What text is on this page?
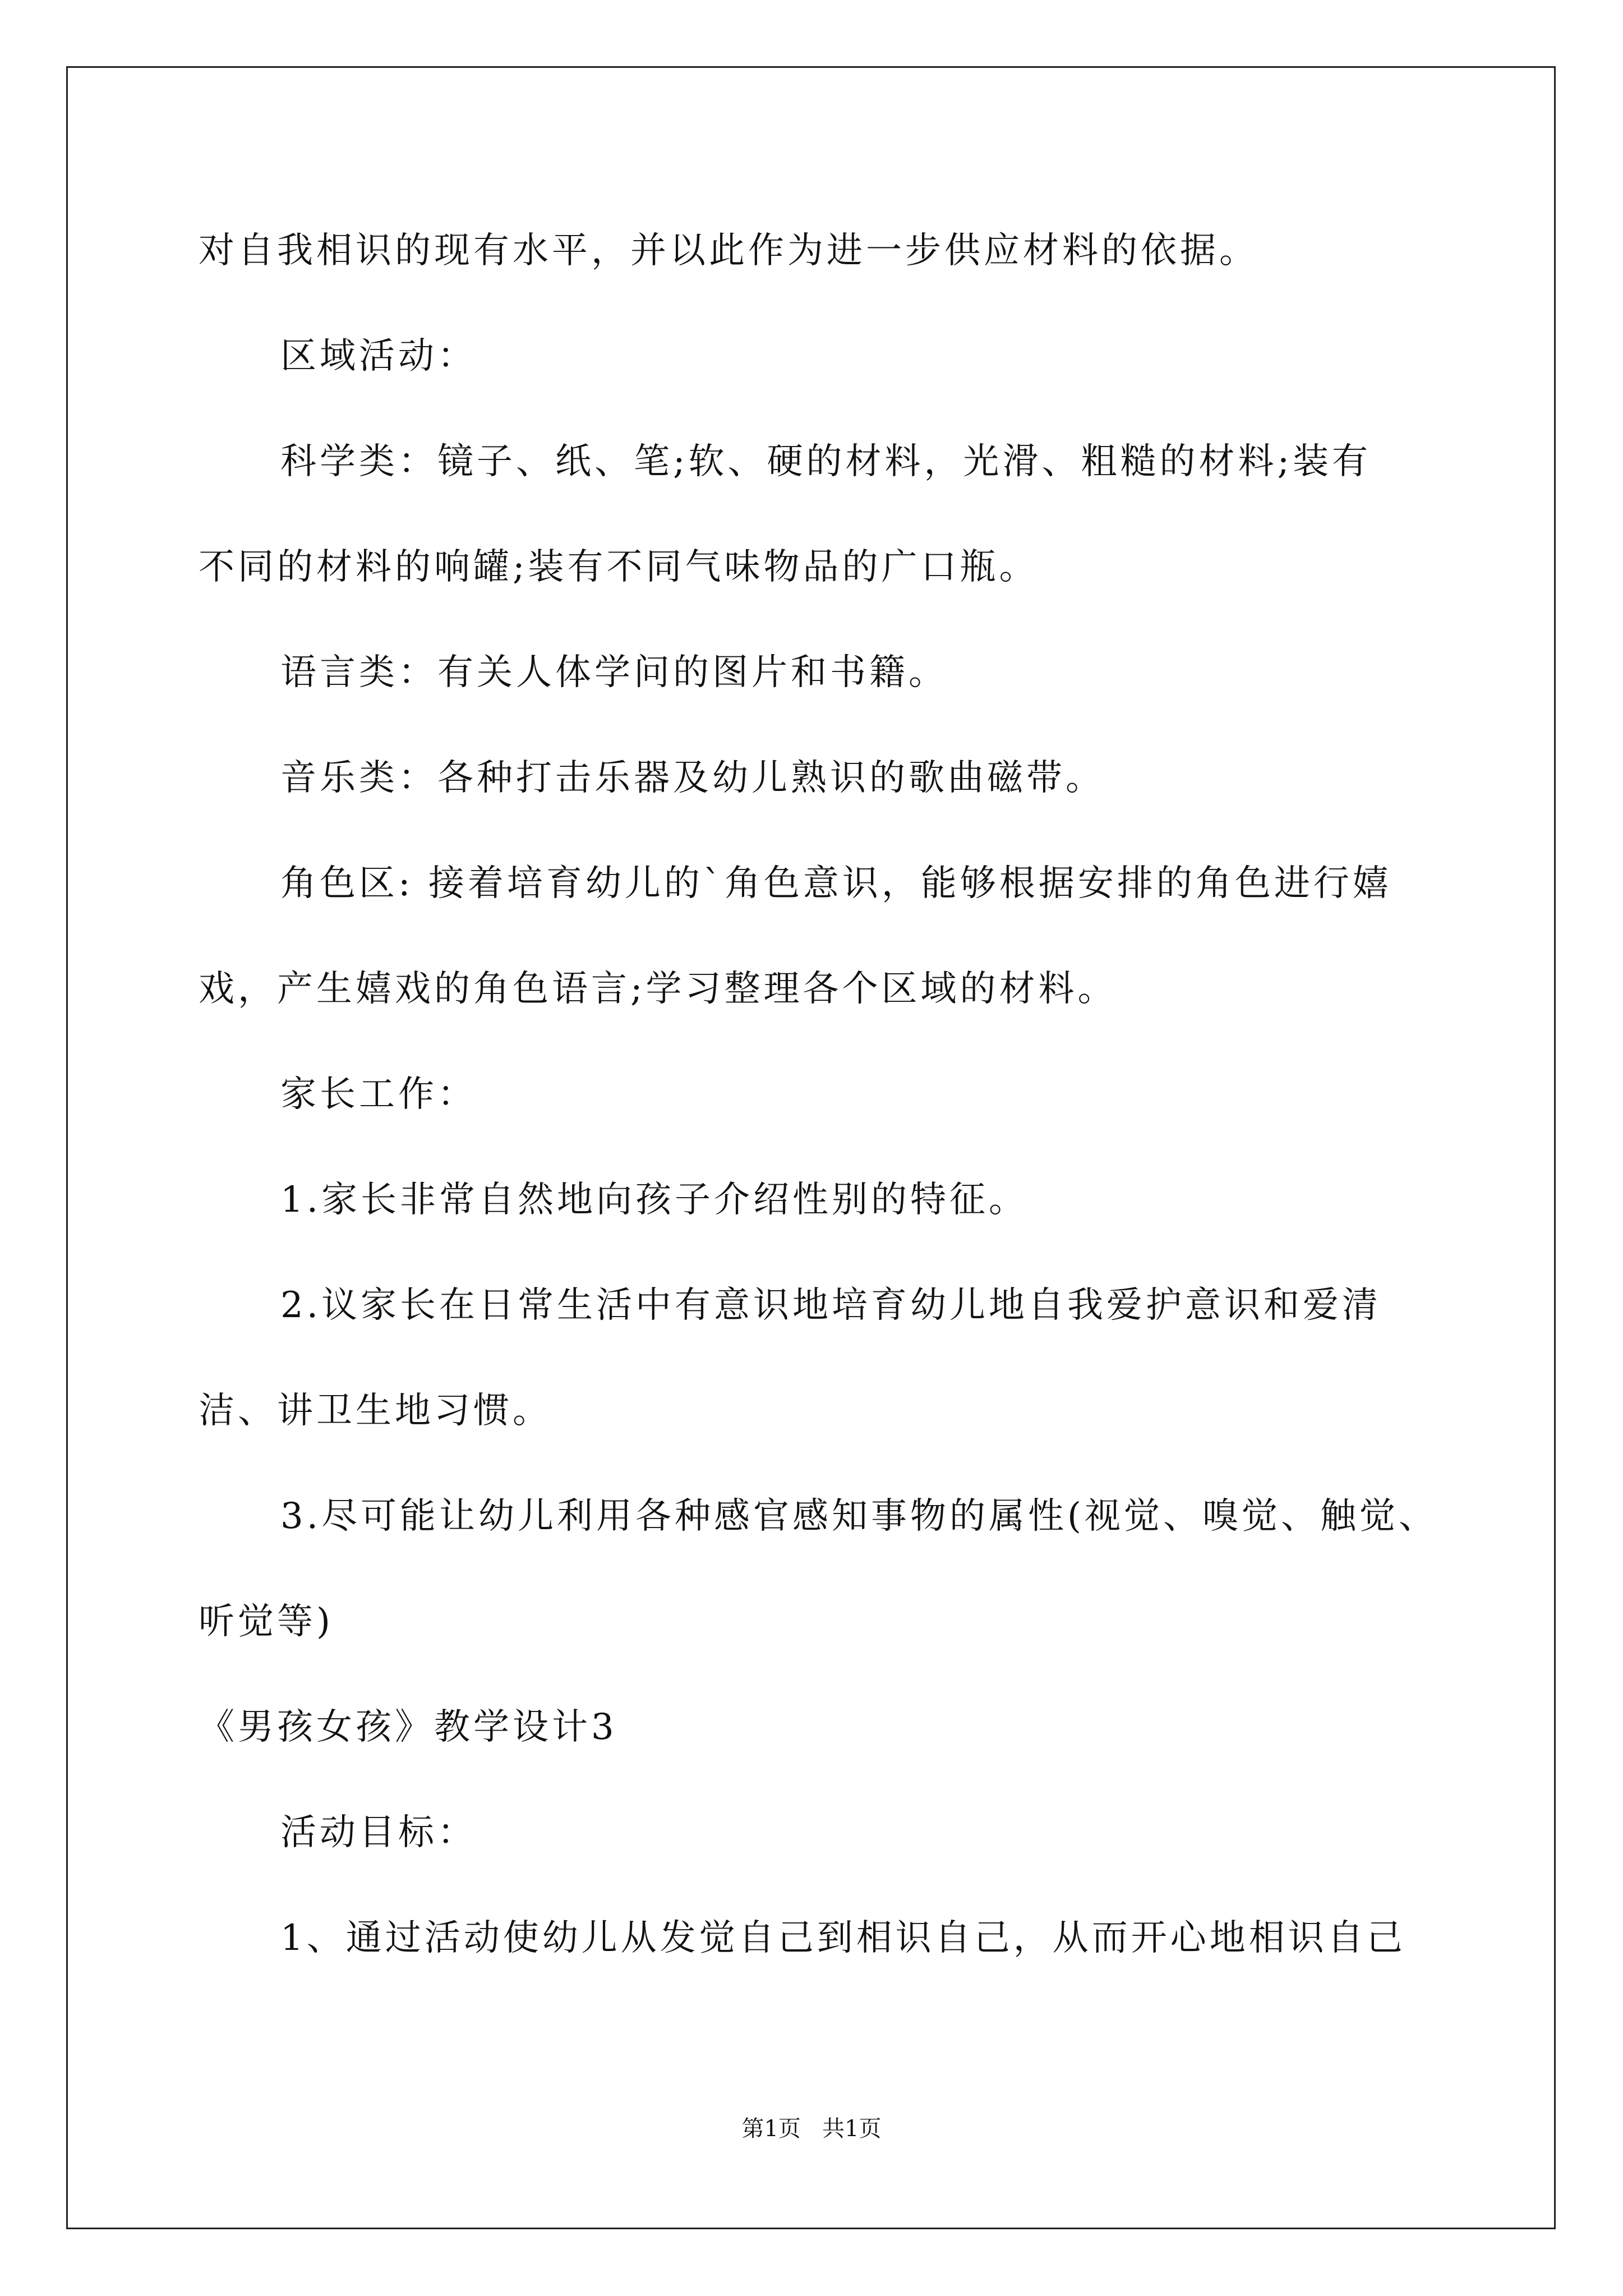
对自我相识的现有水平，并以此作为进一步供应材料的依据。
区域活动：
科学类：镜子、纸、笔;软、硬的材料，光滑、粗糙的材料;装有
不同的材料的响罐;装有不同气味物品的广口瓶。
语言类：有关人体学问的图片和书籍。
音乐类：各种打击乐器及幼儿熟识的歌曲磁带。
角色区: 接着培育幼儿的`角色意识，能够根据安排的角色进行嬉
戏，产生嬉戏的角色语言;学习整理各个区域的材料。
家长工作：
1.家长非常自然地向孩子介绍性别的特征。
2.议家长在日常生活中有意识地培育幼儿地自我爱护意识和爱清
洁、讲卫生地习惯。
3.尽可能让幼儿利用各种感官感知事物的属性(视觉、嗅觉、触觉、
听觉等)
《男孩女孩》教学设计3
活动目标：
1、通过活动使幼儿从发觉自己到相识自己，从而开心地相识自己
第1页   共1页
